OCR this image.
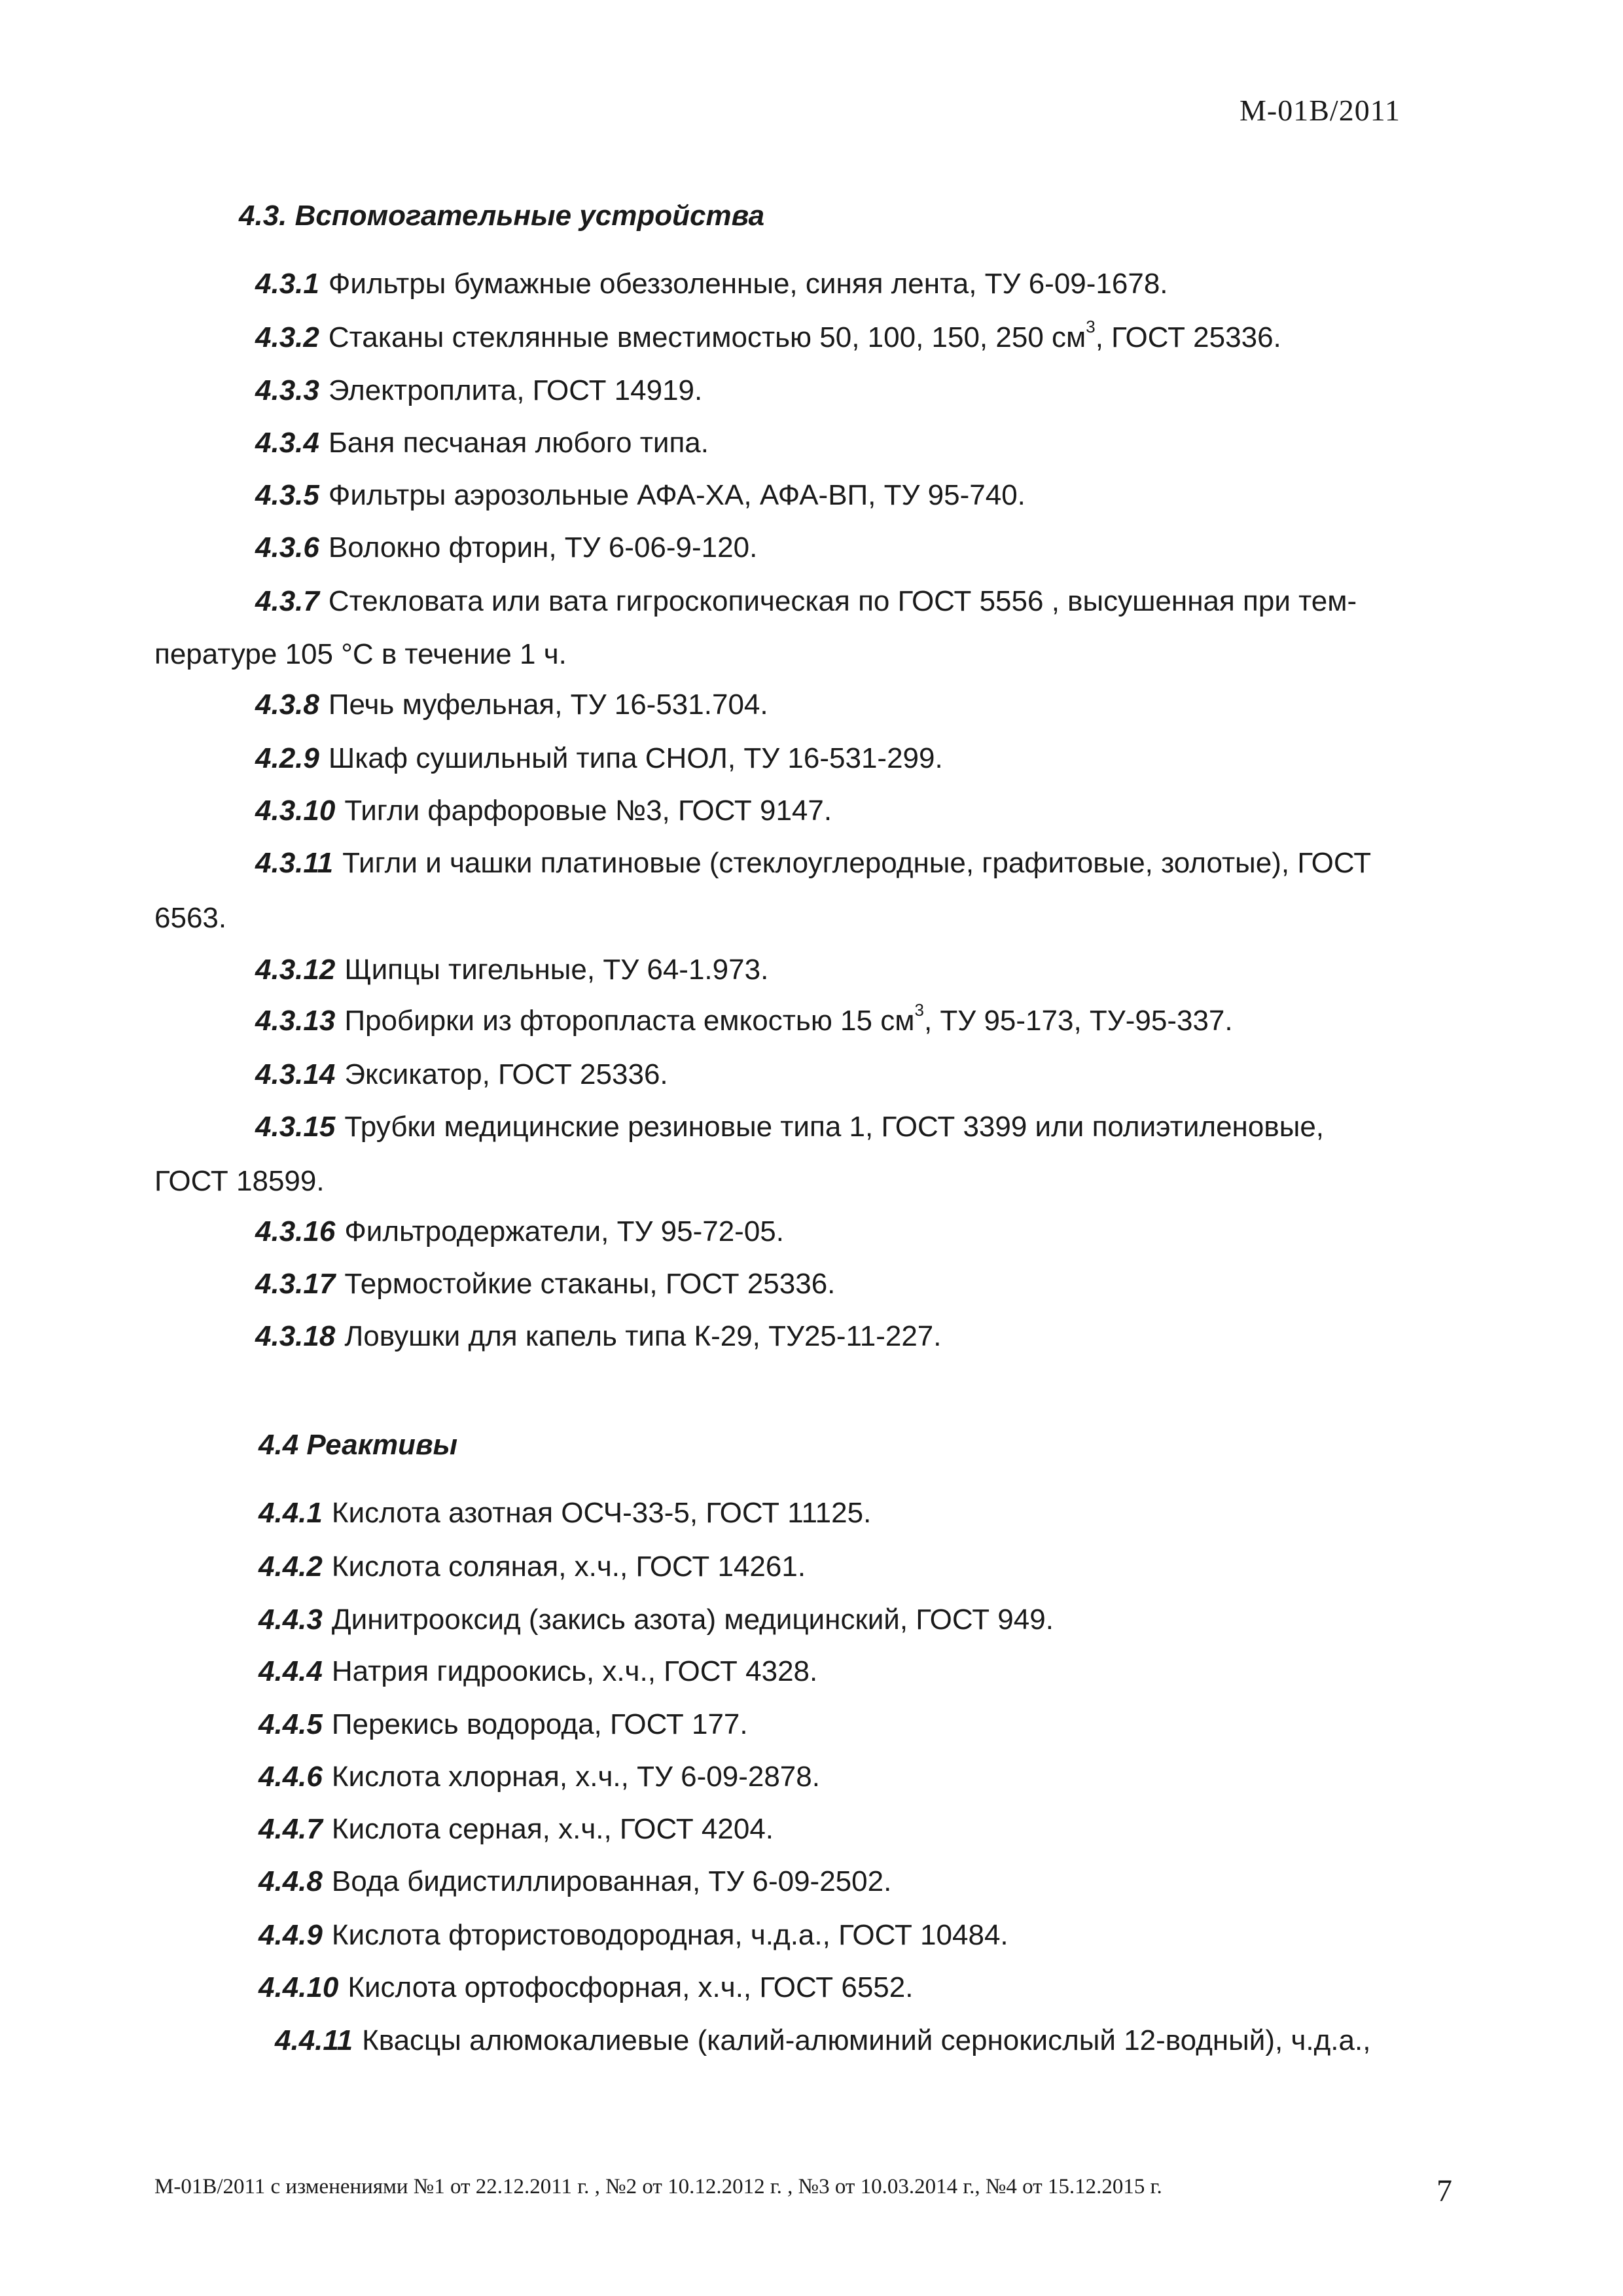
М-01В/2011
4.3. Вспомогательные устройства
4.3.1 Фильтры бумажные обеззоленные, синяя лента, ТУ 6-09-1678.
4.3.2 Стаканы стеклянные вместимостью 50, 100, 150, 250 $см^3$, ГОСТ 25336.
4.3.3 Электроплита, ГОСТ 14919.
4.3.4 Баня песчаная любого типа.
4.3.5 Фильтры аэрозольные АФА-ХА, АФА-ВП, ТУ 95-740.
4.3.6 Волокно фторин, ТУ 6-06-9-120.
4.3.7 Стекловата или вата гигроскопическая по ГОСТ 5556 , высушенная при тем-
пературе 105 °С в течение 1 ч.
4.3.8 Печь муфельная, ТУ 16-531.704.
4.2.9 Шкаф сушильный типа СНОЛ, ТУ 16-531-299.
4.3.10 Тигли фарфоровые №3, ГОСТ 9147.
4.3.11 Тигли и чашки платиновые (стеклоуглеродные, графитовые, золотые), ГОСТ
6563.
4.3.12 Щипцы тигельные, ТУ 64-1.973.
4.3.13 Пробирки из фторопласта емкостью 15 $см^3$, ТУ 95-173, ТУ-95-337.
4.3.14 Эксикатор, ГОСТ 25336.
4.3.15 Трубки медицинские резиновые типа 1, ГОСТ 3399 или полиэтиленовые,
ГОСТ 18599.
4.3.16 Фильтродержатели, ТУ 95-72-05.
4.3.17 Термостойкие стаканы, ГОСТ 25336.
4.3.18 Ловушки для капель типа К-29, ТУ25-11-227.
4.4 Реактивы
4.4.1 Кислота азотная ОСЧ-33-5, ГОСТ 11125.
4.4.2 Кислота соляная, х.ч., ГОСТ 14261.
4.4.3 Динитрооксид (закись азота) медицинский, ГОСТ 949.
4.4.4 Натрия гидроокись, х.ч., ГОСТ 4328.
4.4.5 Перекись водорода, ГОСТ 177.
4.4.6 Кислота хлорная, х.ч., ТУ 6-09-2878.
4.4.7 Кислота серная, х.ч., ГОСТ 4204.
4.4.8 Вода бидистиллированная, ТУ 6-09-2502.
4.4.9 Кислота фтористоводородная, ч.д.а., ГОСТ 10484.
4.4.10 Кислота ортофосфорная, х.ч., ГОСТ 6552.
4.4.11 Квасцы алюмокалиевые (калий-алюминий сернокислый 12-водный), ч.д.а.,
М-01В/2011 с изменениями №1 от 22.12.2011 г. , №2 от 10.12.2012 г. , №3 от 10.03.2014 г., №4 от 15.12.2015 г.	7
